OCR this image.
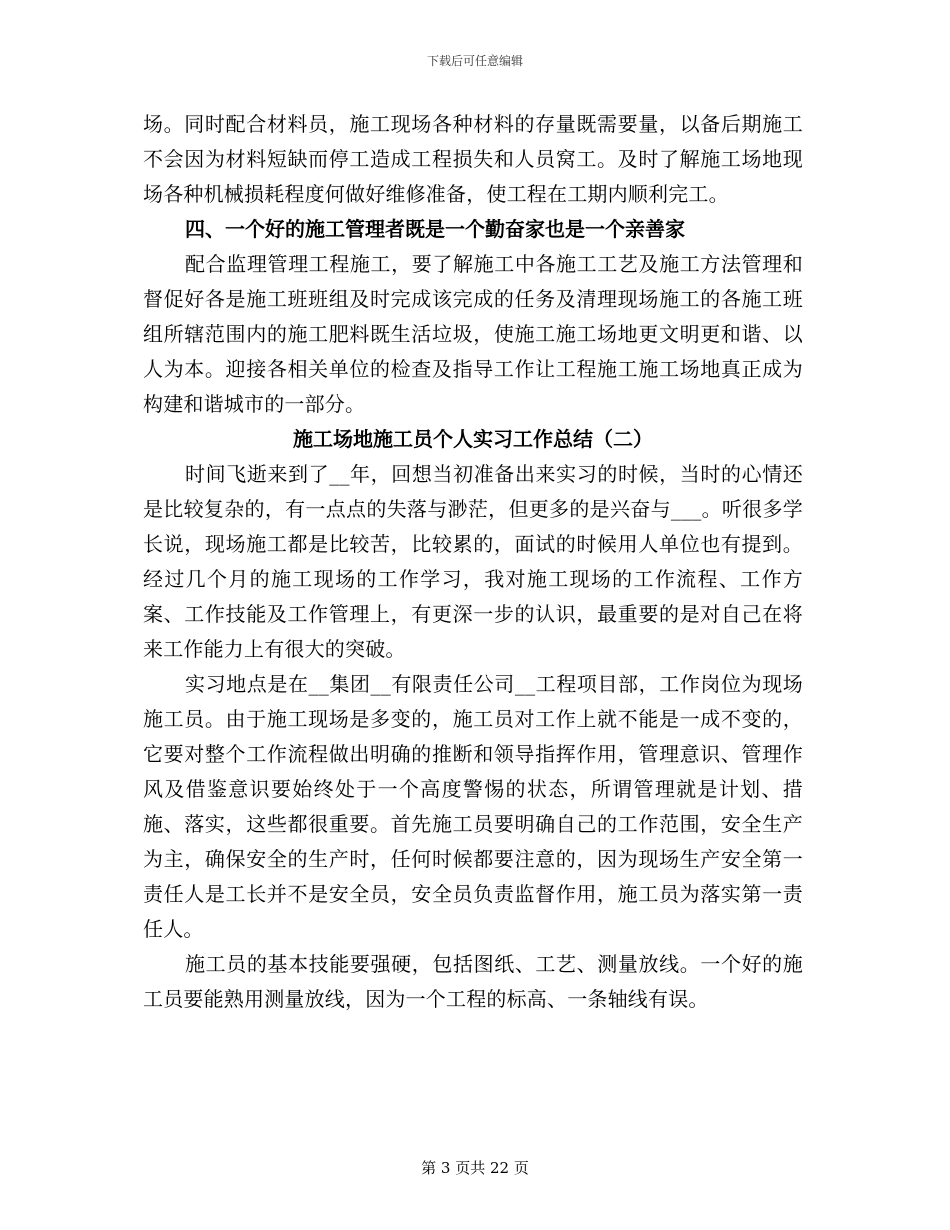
下载后可任意编辑

场。同时配合材料员，施工现场各种材料的存量既需要量，以备后期施工不会因为材料短缺而停工造成工程损失和人员窝工。及时了解施工场地现场各种机械损耗程度何做好维修准备，使工程在工期内顺利完工。

四、一个好的施工管理者既是一个勤奋家也是一个亲善家

配合监理管理工程施工，要了解施工中各施工工艺及施工方法管理和督促好各是施工班班组及时完成该完成的任务及清理现场施工的各施工班组所辖范围内的施工肥料既生活垃圾，使施工施工场地更文明更和谐、以人为本。迎接各相关单位的检查及指导工作让工程施工施工场地真正成为构建和谐城市的一部分。

施工场地施工员个人实习工作总结（二）

时间飞逝来到了__年，回想当初准备出来实习的时候，当时的心情还是比较复杂的，有一点点的失落与渺茫，但更多的是兴奋与___。听很多学长说，现场施工都是比较苦，比较累的，面试的时候用人单位也有提到。经过几个月的施工现场的工作学习，我对施工现场的工作流程、工作方案、工作技能及工作管理上，有更深一步的认识，最重要的是对自己在将来工作能力上有很大的突破。

实习地点是在__集团__有限责任公司__工程项目部，工作岗位为现场施工员。由于施工现场是多变的，施工员对工作上就不能是一成不变的，它要对整个工作流程做出明确的推断和领导指挥作用，管理意识、管理作风及借鉴意识要始终处于一个高度警惕的状态，所谓管理就是计划、措施、落实，这些都很重要。首先施工员要明确自己的工作范围，安全生产为主，确保安全的生产时，任何时候都要注意的，因为现场生产安全第一责任人是工长并不是安全员，安全员负责监督作用，施工员为落实第一责任人。

施工员的基本技能要强硬，包括图纸、工艺、测量放线。一个好的施工员要能熟用测量放线，因为一个工程的标高、一条轴线有误。

第 3 页共 22 页
